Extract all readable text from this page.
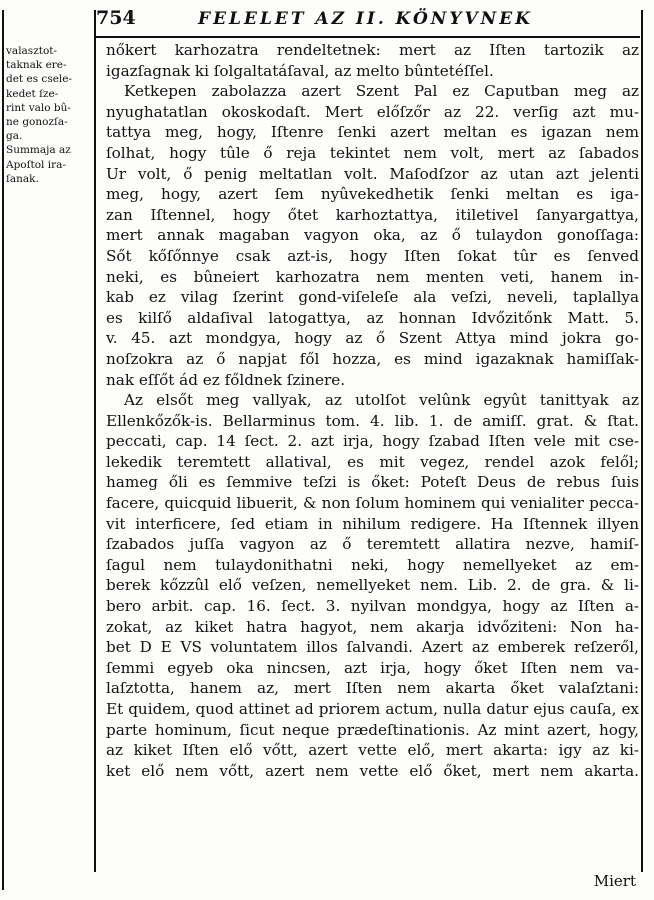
754	FELELET AZ II. KÖNYVNEK
valasztot-
taknak ere-
det es csele-
kedet ſze-
rint valo bû-
ne gonozſa-
ga.
Summaja az
Apoſtol ira-
ſanak.
nőkert karhozatra rendeltetnek: mert az Iſten tartozik az
igazſagnak ki ſolgaltatáſaval, az melto bûntetéſſel.
Ketkepen zabolazza azert Szent Pal ez Caputban meg az
nyughatatlan okoskodaſt. Mert előſzőr az 22. verſig azt mu-
tattya meg, hogy, Iſtenre ſenki azert meltan es igazan nem
ſolhat, hogy tûle ő reja tekintet nem volt, mert az ſabados
Ur volt, ő penig meltatlan volt. Maſodſzor az utan azt jelenti
meg, hogy, azert ſem nyûvekedhetik ſenki meltan es iga-
zan Iſtennel, hogy őtet karhoztattya, itiletivel ſanyargattya,
mert annak magaban vagyon oka, az ő tulaydon gonoſſaga:
Sőt kőſőnnye csak azt-is, hogy Iſten ſokat tûr es ſenved
neki, es bûneiert karhozatra nem menten veti, hanem in-
kab ez vilag ſzerint gond-viſeleſe ala veſzi, neveli, taplallya
es kilſő aldaſival latogattya, az honnan Idvőzitőnk Matt. 5.
v. 45. azt mondgya, hogy az ő Szent Attya mind jokra go-
noſzokra az ő napjat fől hozza, es mind igazaknak hamiſſak-
nak eſſőt ád ez főldnek ſzinere.
Az elsőt meg vallyak, az utolſot velûnk egyût tanittyak az
Ellenkőzők-is. Bellarminus tom. 4. lib. 1. de amiſſ. grat. & ſtat.
peccati, cap. 14 ſect. 2. azt irja, hogy ſzabad Iſten vele mit cse-
lekedik teremtett allatival, es mit vegez, rendel azok felől;
hameg őli es ſemmive teſzi is őket: Poteſt Deus de rebus ſuis
facere, quicquid libuerit, & non ſolum hominem qui venialiter pecca-
vit interficere, ſed etiam in nihilum redigere. Ha Iſtennek illyen
ſzabados juſſa vagyon az ő teremtett allatira nezve, hamiſ-
ſagul nem tulaydonithatni neki, hogy nemellyeket az em-
berek kőzzûl elő veſzen, nemellyeket nem. Lib. 2. de gra. & li-
bero arbit. cap. 16. ſect. 3. nyilvan mondgya, hogy az Iſten a-
zokat, az kiket hatra hagyot, nem akarja idvőziteni: Non ha-
bet D E VS voluntatem illos ſalvandi. Azert az emberek reſzeről,
ſemmi egyeb oka nincsen, azt irja, hogy őket Iſten nem va-
laſztotta, hanem az, mert Iſten nem akarta őket valaſztani:
Et quidem, quod attinet ad priorem actum, nulla datur ejus cauſa, ex
parte hominum, ſicut neque prædeſtinationis. Az mint azert, hogy,
az kiket Iſten elő vőtt, azert vette elő, mert akarta: igy az ki-
ket elő nem vőtt, azert nem vette elő őket, mert nem akarta.
Miert
